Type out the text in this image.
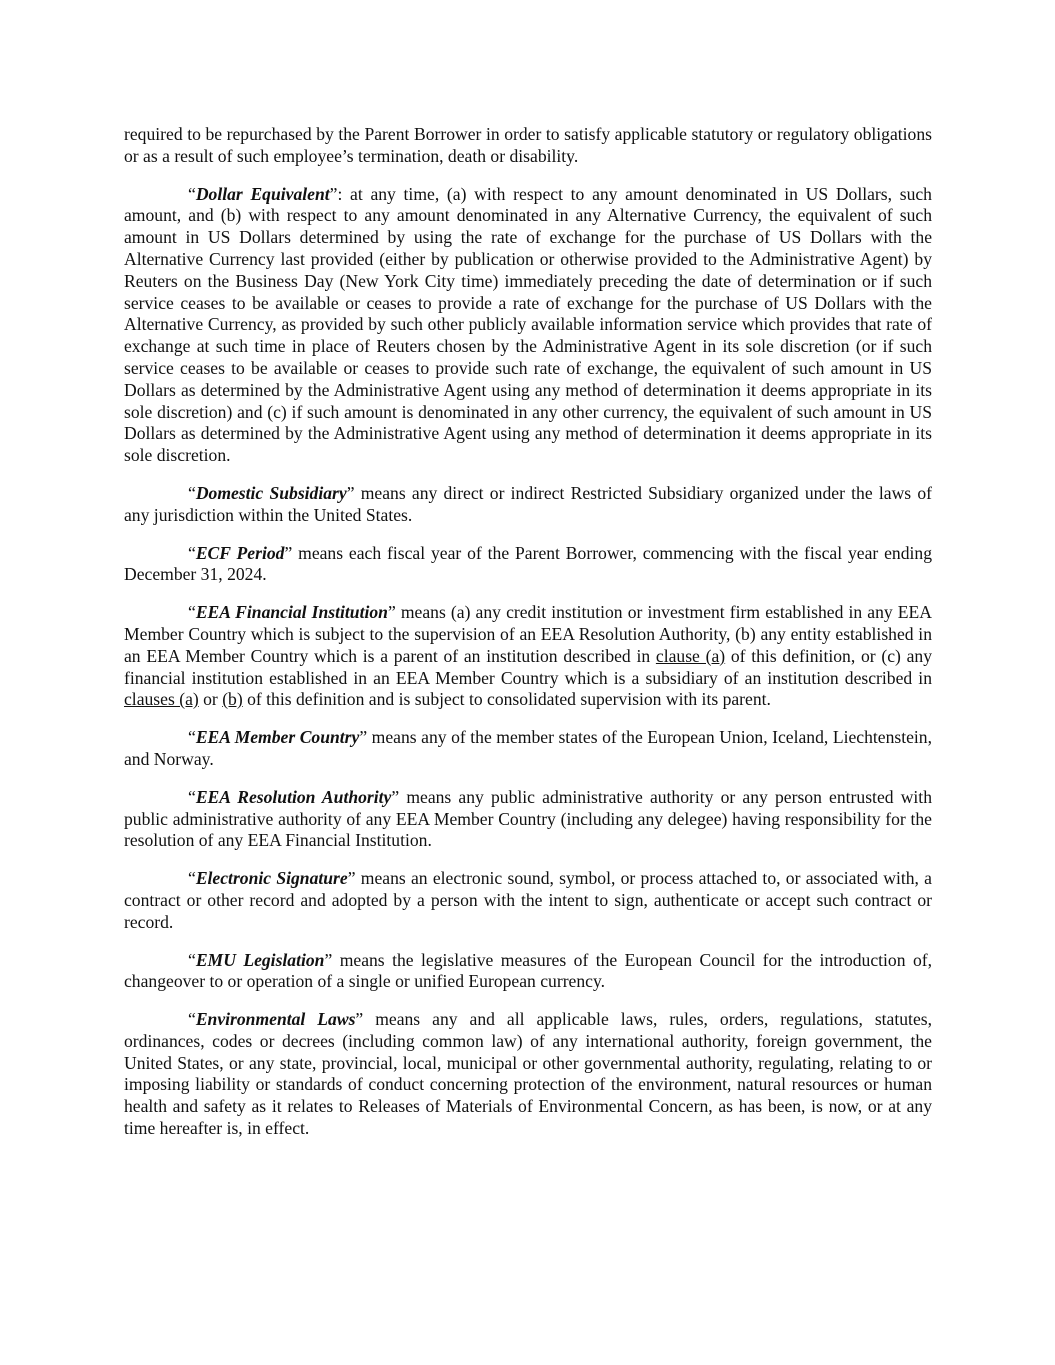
required to be repurchased by the Parent Borrower in order to satisfy applicable statutory or regulatory obligations or as a result of such employee’s termination, death or disability.

“Dollar Equivalent”: at any time, (a) with respect to any amount denominated in US Dollars, such amount, and (b) with respect to any amount denominated in any Alternative Currency, the equivalent of such amount in US Dollars determined by using the rate of exchange for the purchase of US Dollars with the Alternative Currency last provided (either by publication or otherwise provided to the Administrative Agent) by Reuters on the Business Day (New York City time) immediately preceding the date of determination or if such service ceases to be available or ceases to provide a rate of exchange for the purchase of US Dollars with the Alternative Currency, as provided by such other publicly available information service which provides that rate of exchange at such time in place of Reuters chosen by the Administrative Agent in its sole discretion (or if such service ceases to be available or ceases to provide such rate of exchange, the equivalent of such amount in US Dollars as determined by the Administrative Agent using any method of determination it deems appropriate in its sole discretion) and (c) if such amount is denominated in any other currency, the equivalent of such amount in US Dollars as determined by the Administrative Agent using any method of determination it deems appropriate in its sole discretion.

“Domestic Subsidiary” means any direct or indirect Restricted Subsidiary organized under the laws of any jurisdiction within the United States.

“ECF Period” means each fiscal year of the Parent Borrower, commencing with the fiscal year ending December 31, 2024.

“EEA Financial Institution” means (a) any credit institution or investment firm established in any EEA Member Country which is subject to the supervision of an EEA Resolution Authority, (b) any entity established in an EEA Member Country which is a parent of an institution described in clause (a) of this definition, or (c) any financial institution established in an EEA Member Country which is a subsidiary of an institution described in clauses (a) or (b) of this definition and is subject to consolidated supervision with its parent.

“EEA Member Country” means any of the member states of the European Union, Iceland, Liechtenstein, and Norway.

“EEA Resolution Authority” means any public administrative authority or any person entrusted with public administrative authority of any EEA Member Country (including any delegee) having responsibility for the resolution of any EEA Financial Institution.

“Electronic Signature” means an electronic sound, symbol, or process attached to, or associated with, a contract or other record and adopted by a person with the intent to sign, authenticate or accept such contract or record.

“EMU Legislation” means the legislative measures of the European Council for the introduction of, changeover to or operation of a single or unified European currency.

“Environmental Laws” means any and all applicable laws, rules, orders, regulations, statutes, ordinances, codes or decrees (including common law) of any international authority, foreign government, the United States, or any state, provincial, local, municipal or other governmental authority, regulating, relating to or imposing liability or standards of conduct concerning protection of the environment, natural resources or human health and safety as it relates to Releases of Materials of Environmental Concern, as has been, is now, or at any time hereafter is, in effect.
